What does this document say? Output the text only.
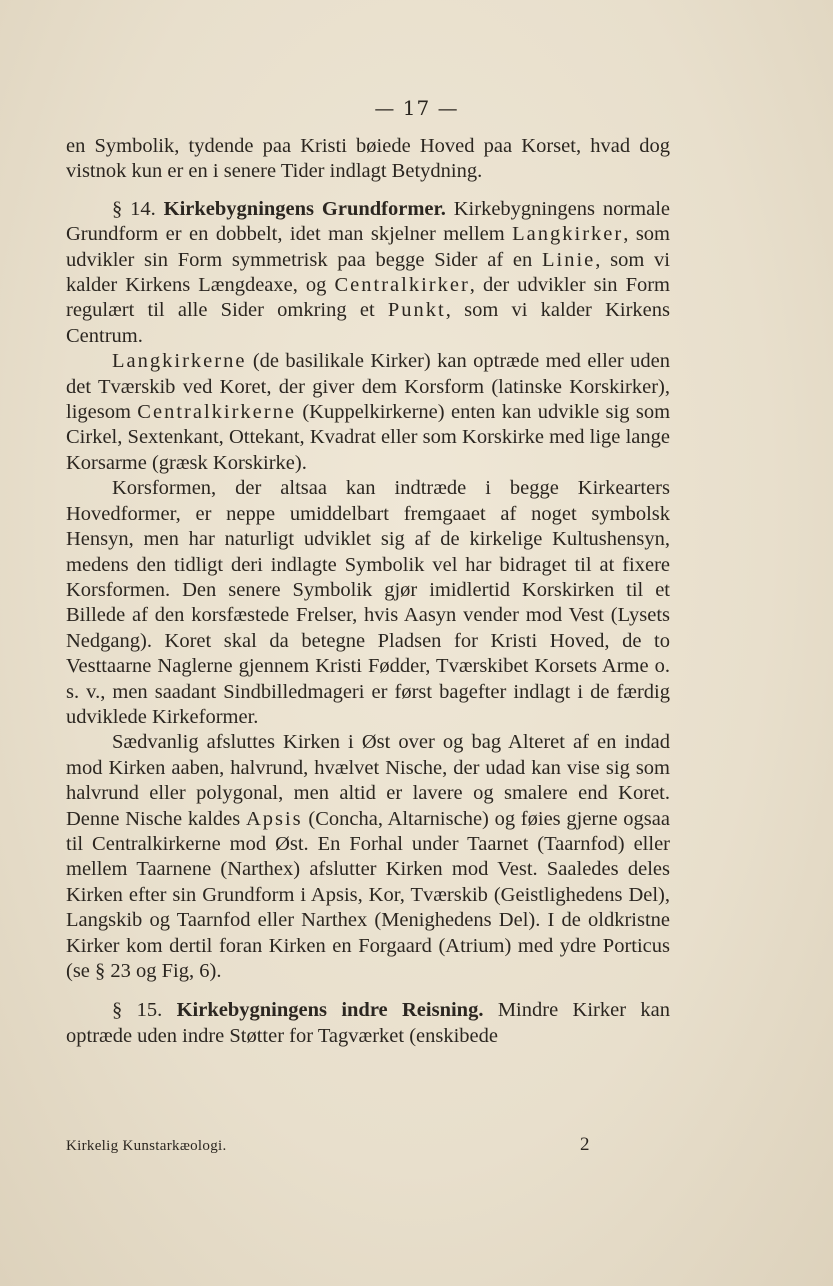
— 17 —

en Symbolik, tydende paa Kristi bøiede Hoved paa Korset, hvad dog vistnok kun er en i senere Tider indlagt Betydning.

§ 14. Kirkebygningens Grundformer. Kirkebygningens normale Grundform er en dobbelt, idet man skjelner mellem Langkirker, som udvikler sin Form symmetrisk paa begge Sider af en Linie, som vi kalder Kirkens Længdeaxe, og Centralkirker, der udvikler sin Form regulært til alle Sider omkring et Punkt, som vi kalder Kirkens Centrum.

Langkirkerne (de basilikale Kirker) kan optræde med eller uden det Tværskib ved Koret, der giver dem Korsform (latinske Korskirker), ligesom Centralkirkerne (Kuppelkirkerne) enten kan udvikle sig som Cirkel, Sextenkant, Ottekant, Kvadrat eller som Korskirke med lige lange Korsarme (græsk Korskirke).

Korsformen, der altsaa kan indtræde i begge Kirkearters Hovedformer, er neppe umiddelbart fremgaaet af noget symbolsk Hensyn, men har naturligt udviklet sig af de kirkelige Kultushensyn, medens den tidligt deri indlagte Symbolik vel har bidraget til at fixere Korsformen. Den senere Symbolik gjør imidlertid Korskirken til et Billede af den korsfæstede Frelser, hvis Aasyn vender mod Vest (Lysets Nedgang). Koret skal da betegne Pladsen for Kristi Hoved, de to Vesttaarne Naglerne gjennem Kristi Fødder, Tværskibet Korsets Arme o. s. v., men saadant Sindbilledmageri er først bagefter indlagt i de færdig udviklede Kirkeformer.

Sædvanlig afsluttes Kirken i Øst over og bag Alteret af en indad mod Kirken aaben, halvrund, hvælvet Nische, der udad kan vise sig som halvrund eller polygonal, men altid er lavere og smalere end Koret. Denne Nische kaldes Apsis (Concha, Altarnische) og føies gjerne ogsaa til Centralkirkerne mod Øst. En Forhal under Taarnet (Taarnfod) eller mellem Taarnene (Narthex) afslutter Kirken mod Vest. Saaledes deles Kirken efter sin Grundform i Apsis, Kor, Tværskib (Geistlighedens Del), Langskib og Taarnfod eller Narthex (Menighedens Del). I de oldkristne Kirker kom dertil foran Kirken en Forgaard (Atrium) med ydre Porticus (se § 23 og Fig, 6).

§ 15. Kirkebygningens indre Reisning. Mindre Kirker kan optræde uden indre Støtter for Tagværket (enskibede

Kirkelig Kunstarkæologi.	2
